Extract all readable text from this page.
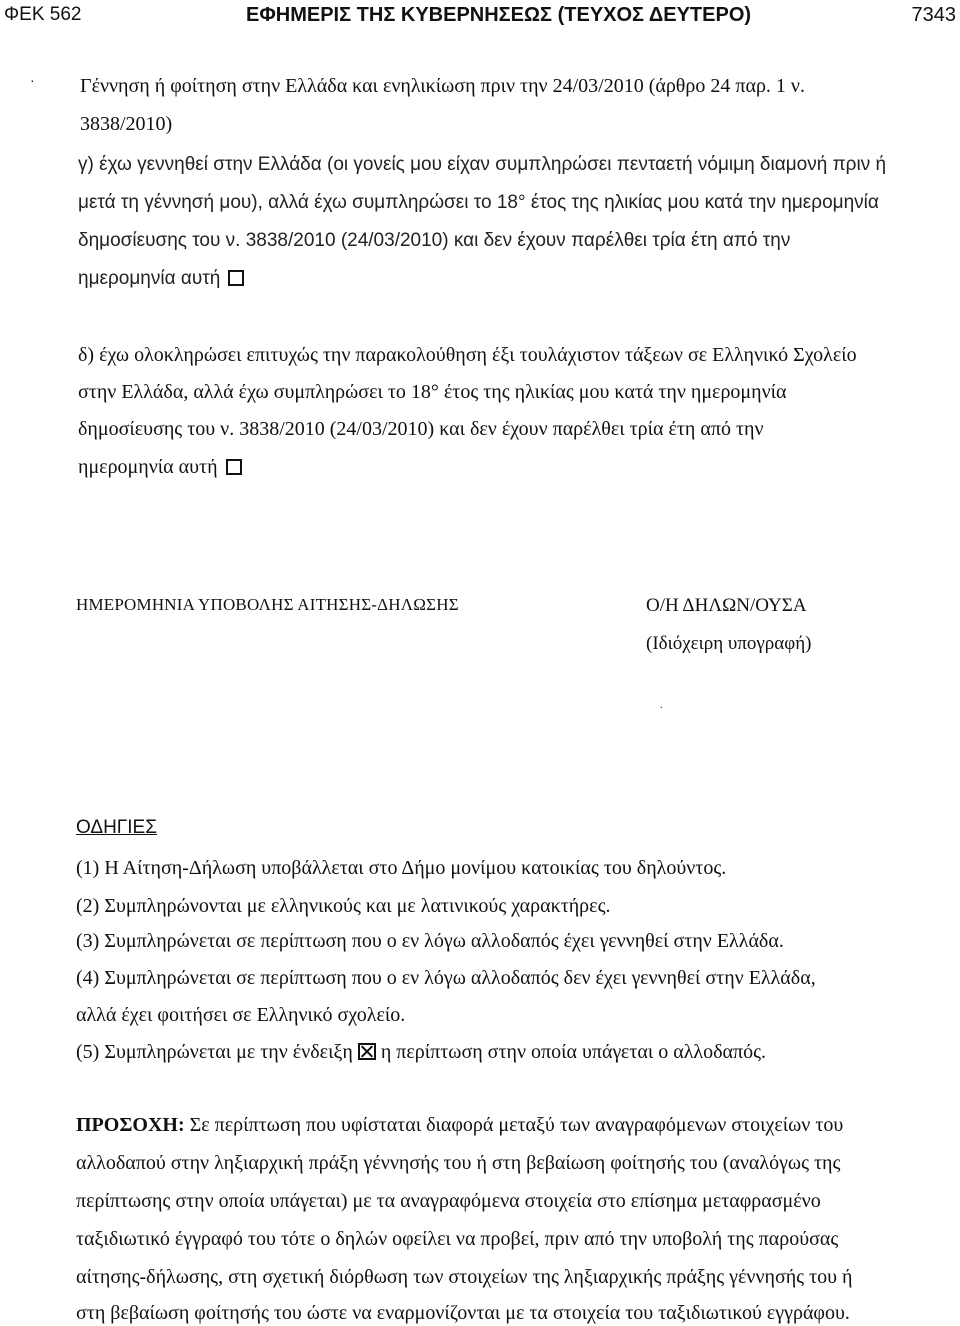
ΦΕΚ 562	ΕΦΗΜΕΡΙΣ ΤΗΣ ΚΥΒΕΡΝΗΣΕΩΣ (ΤΕΥΧΟΣ ΔΕΥΤΕΡΟ)	7343
· Γέννηση ή φοίτηση στην Ελλάδα και ενηλικίωση πριν την 24/03/2010 (άρθρο 24 παρ. 1 ν.
3838/2010)
γ) έχω γεννηθεί στην Ελλάδα (οι γονείς μου είχαν συμπληρώσει πενταετή νόμιμη διαμονή πριν ή
μετά τη γέννησή μου), αλλά έχω συμπληρώσει το 18° έτος της ηλικίας μου κατά την ημερομηνία
δημοσίευσης του ν. 3838/2010 (24/03/2010) και δεν έχουν παρέλθει τρία έτη από την
ημερομηνία αυτή
δ) έχω ολοκληρώσει επιτυχώς την παρακολούθηση έξι τουλάχιστον τάξεων σε Ελληνικό Σχολείο
στην Ελλάδα, αλλά έχω συμπληρώσει το 18° έτος της ηλικίας μου κατά την ημερομηνία
δημοσίευσης του ν. 3838/2010 (24/03/2010) και δεν έχουν παρέλθει τρία έτη από την
ημερομηνία αυτή
ΗΜΕΡΟΜΗΝΙΑ ΥΠΟΒΟΛΗΣ ΑΙΤΗΣΗΣ-ΔΗΛΩΣΗΣ	Ο/Η ΔΗΛΩΝ/ΟΥΣΑ
(Ιδιόχειρη υπογραφή)
.
ΟΔΗΓΙΕΣ
(1) Η Αίτηση-Δήλωση υποβάλλεται στο Δήμο μονίμου κατοικίας του δηλούντος.
(2) Συμπληρώνονται με ελληνικούς και με λατινικούς χαρακτήρες.
(3) Συμπληρώνεται σε περίπτωση που ο εν λόγω αλλοδαπός έχει γεννηθεί στην Ελλάδα.
(4) Συμπληρώνεται σε περίπτωση που ο εν λόγω αλλοδαπός δεν έχει γεννηθεί στην Ελλάδα,
αλλά έχει φοιτήσει σε Ελληνικό σχολείο.
(5) Συμπληρώνεται με την ένδειξη η περίπτωση στην οποία υπάγεται ο αλλοδαπός.
ΠΡΟΣΟΧΗ: Σε περίπτωση που υφίσταται διαφορά μεταξύ των αναγραφόμενων στοιχείων του
αλλοδαπού στην ληξιαρχική πράξη γέννησής του ή στη βεβαίωση φοίτησής του (αναλόγως της
περίπτωσης στην οποία υπάγεται) με τα αναγραφόμενα στοιχεία στο επίσημα μεταφρασμένο
ταξιδιωτικό έγγραφό του τότε ο δηλών οφείλει να προβεί, πριν από την υποβολή της παρούσας
αίτησης-δήλωσης, στη σχετική διόρθωση των στοιχείων της ληξιαρχικής πράξης γέννησής του ή
στη βεβαίωση φοίτησής του ώστε να εναρμονίζονται με τα στοιχεία του ταξιδιωτικού εγγράφου.
